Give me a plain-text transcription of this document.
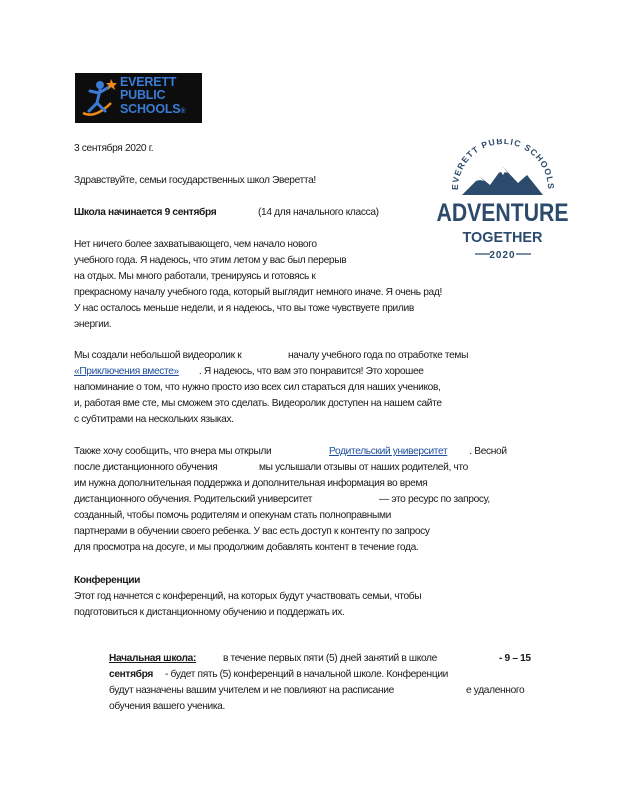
EVERETT
PUBLIC
SCHOOLS®
EVERETT PUBLIC SCHOOLS
ADVENTURE
TOGETHER
2020
3 сентября 2020 г.
Здравствуйте, семьи государственных школ Эверетта!
Школа начинается 9 сентября	(14 для начального класса)
Нет ничего более захватывающего, чем начало нового
учебного года. Я надеюсь, что этим летом у вас был перерыв
на отдых. Мы много работали, тренируясь и готовясь к
прекрасному началу учебного года, который выглядит немного иначе. Я очень рад!
У нас осталось меньше недели, и я надеюсь, что вы тоже чувствуете прилив
энергии.
Мы создали небольшой видеоролик к	началу учебного года по отработке темы
«Приключения вместе» . Я надеюсь, что вам это понравится! Это хорошее
напоминание о том, что нужно просто изо всех сил стараться для наших учеников,
и, работая вме сте, мы сможем это сделать. Видеоролик доступен на нашем сайте
с субтитрами на нескольких языках.
Также хочу сообщить, что вчера мы открыли	Родительский университет . Весной
после дистанционного обучения	мы услышали отзывы от наших родителей, что
им нужна дополнительная поддержка и дополнительная информация во время
дистанционного обучения. Родительский университет	— это ресурс по запросу,
созданный, чтобы помочь родителям и опекунам стать полноправными
партнерами в обучении своего ребенка. У вас есть доступ к контенту по запросу
для просмотра на досуге, и мы продолжим добавлять контент в течение года.
Конференции
Этот год начнется с конференций, на которых будут участвовать семьи, чтобы
подготовиться к дистанционному обучению и поддержать их.
Начальная школа:	в течение первых пяти (5) дней занятий в школе	- 9 – 15
сентября - будет пять (5) конференций в начальной школе. Конференции
будут назначены вашим учителем и не повлияют на расписание	е удаленного
обучения вашего ученика.
